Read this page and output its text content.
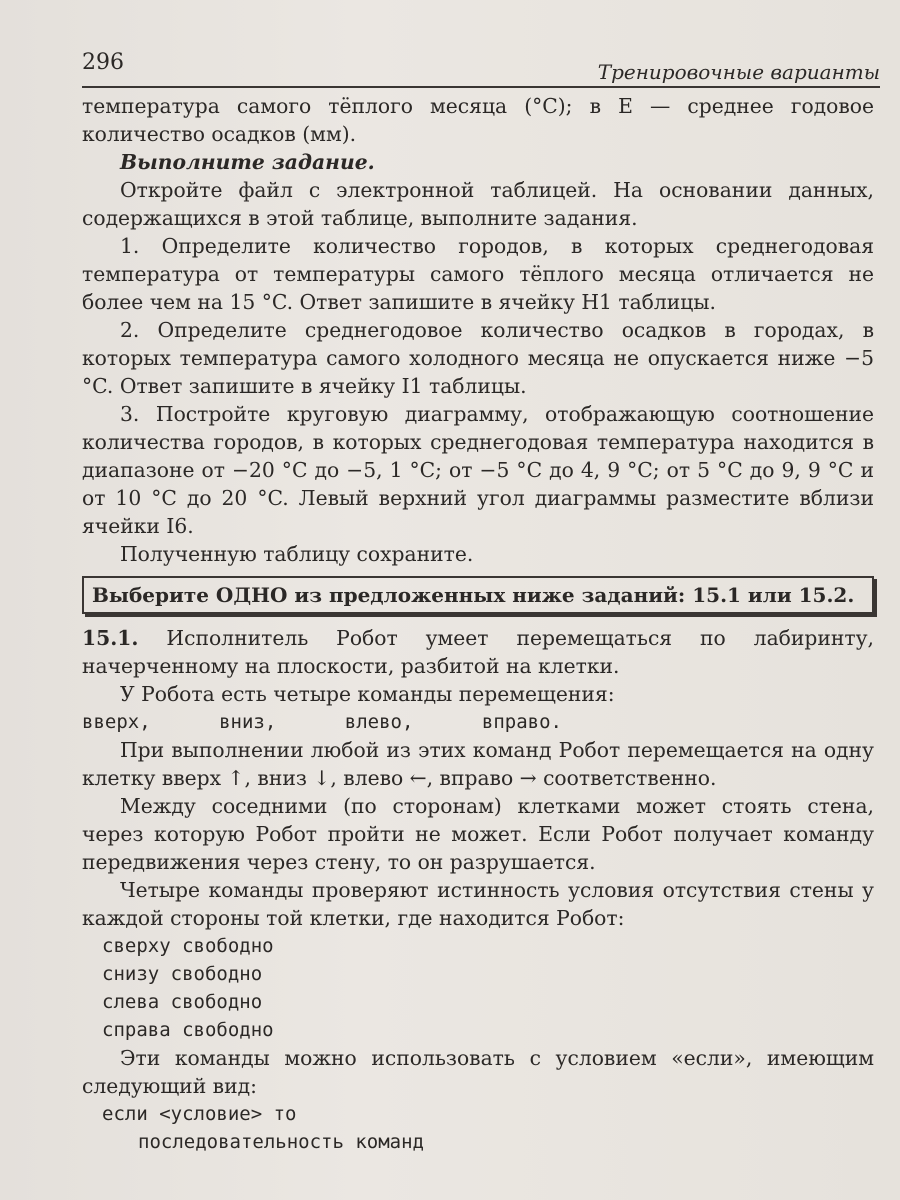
296	Тренировочные варианты

температура самого тёплого месяца (°C); в E — среднее годовое количество осадков (мм).

Выполните задание.

Откройте файл с электронной таблицей. На основании данных, содержащихся в этой таблице, выполните задания.

1. Определите количество городов, в которых среднегодовая температура от температуры самого тёплого месяца отличается не более чем на 15 °C. Ответ запишите в ячейку H1 таблицы.

2. Определите среднегодовое количество осадков в городах, в которых температура самого холодного месяца не опускается ниже −5 °C. Ответ запишите в ячейку I1 таблицы.

3. Постройте круговую диаграмму, отображающую соотношение количества городов, в которых среднегодовая температура находится в диапазоне от −20 °C до −5, 1 °C; от −5 °C до 4, 9 °C; от 5 °C до 9, 9 °C и от 10 °C до 20 °C. Левый верхний угол диаграммы разместите вблизи ячейки I6.

Полученную таблицу сохраните.

Выберите ОДНО из предложенных ниже заданий: 15.1 или 15.2.

15.1. Исполнитель Робот умеет перемещаться по лабиринту, начерченному на плоскости, разбитой на клетки.

У Робота есть четыре команды перемещения:

вверх,	вниз,	влево,	вправо.

При выполнении любой из этих команд Робот перемещается на одну клетку вверх ↑, вниз ↓, влево ←, вправо → соответственно.

Между соседними (по сторонам) клетками может стоять стена, через которую Робот пройти не может. Если Робот получает команду передвижения через стену, то он разрушается.

Четыре команды проверяют истинность условия отсутствия стены у каждой стороны той клетки, где находится Робот:

сверху свободно
снизу свободно
слева свободно
справа свободно

Эти команды можно использовать с условием «если», имеющим следующий вид:

если <условие> то
последовательность команд
